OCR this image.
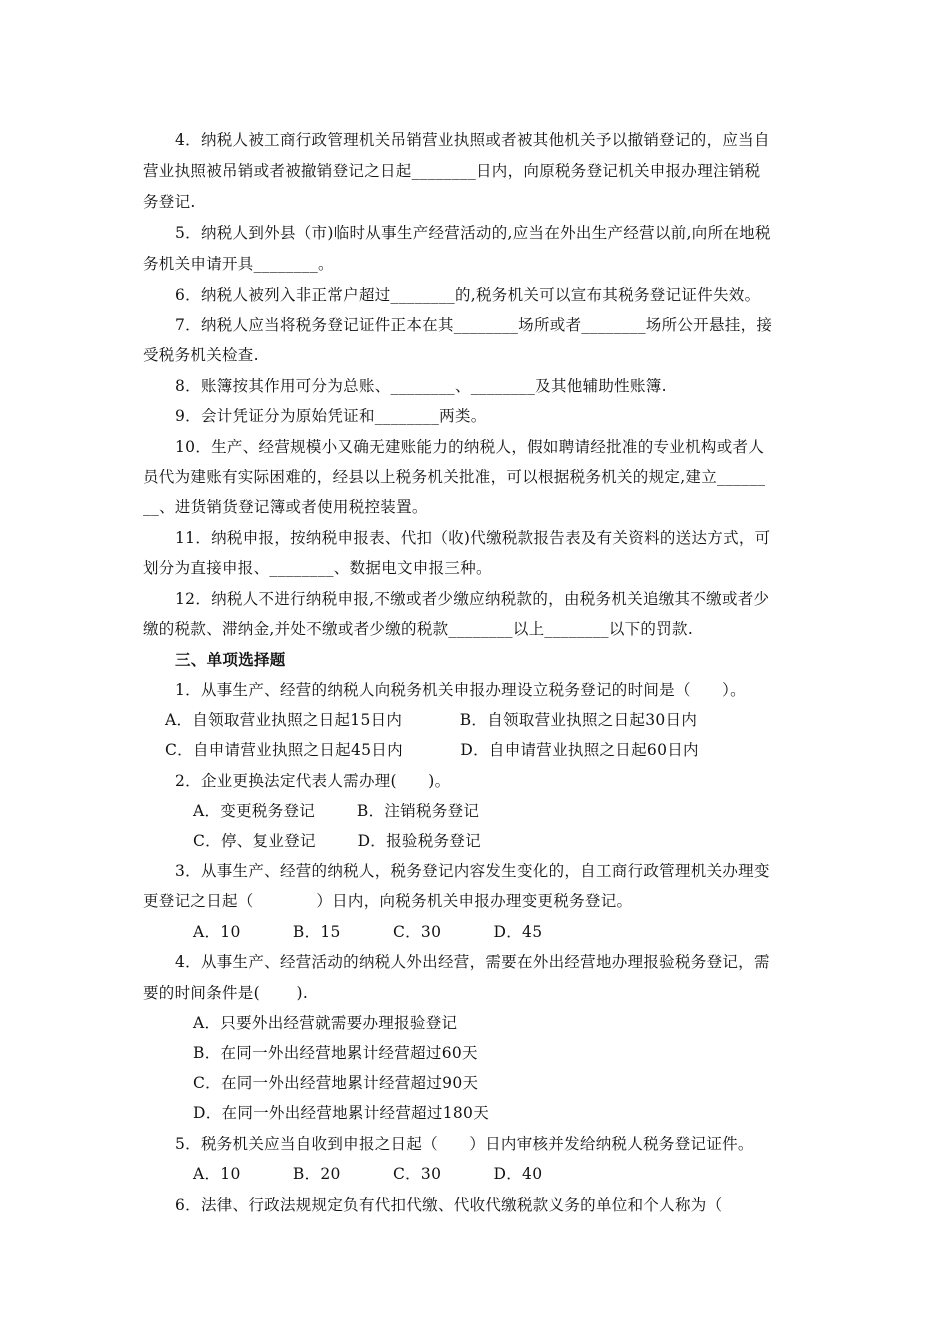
4．纳税人被工商行政管理机关吊销营业执照或者被其他机关予以撤销登记的，应当自
营业执照被吊销或者被撤销登记之日起________日内，向原税务登记机关申报办理注销税
务登记.
5．纳税人到外县（市)临时从事生产经营活动的,应当在外出生产经营以前,向所在地税
务机关申请开具________。
6．纳税人被列入非正常户超过________的,税务机关可以宣布其税务登记证件失效。
7．纳税人应当将税务登记证件正本在其________场所或者________场所公开悬挂，接
受税务机关检查.
8．账簿按其作用可分为总账、________、________及其他辅助性账簿.
9．会计凭证分为原始凭证和________两类。
10．生产、经营规模小又确无建账能力的纳税人，假如聘请经批准的专业机构或者人
员代为建账有实际困难的，经县以上税务机关批准，可以根据税务机关的规定,建立______
__、进货销货登记簿或者使用税控装置。
11．纳税申报，按纳税申报表、代扣（收)代缴税款报告表及有关资料的送达方式，可
划分为直接申报、________、数据电文申报三种。
12．纳税人不进行纳税申报,不缴或者少缴应纳税款的，由税务机关追缴其不缴或者少
缴的税款、滞纳金,并处不缴或者少缴的税款________以上________以下的罚款.
三、单项选择题
1．从事生产、经营的纳税人向税务机关申报办理设立税务登记的时间是（      ）。
A．自领取营业执照之日起15日内           B．自领取营业执照之日起30日内
C．自申请营业执照之日起45日内           D．自申请营业执照之日起60日内
2．企业更换法定代表人需办理(      )。
A．变更税务登记        B．注销税务登记
C．停、复业登记        D．报验税务登记
3．从事生产、经营的纳税人，税务登记内容发生变化的，自工商行政管理机关办理变
更登记之日起（            ）日内，向税务机关申报办理变更税务登记。
A．10          B．15          C．30          D．45
4．从事生产、经营活动的纳税人外出经营，需要在外出经营地办理报验税务登记，需
要的时间条件是(       ).
A．只要外出经营就需要办理报验登记
B．在同一外出经营地累计经营超过60天
C．在同一外出经营地累计经营超过90天
D．在同一外出经营地累计经营超过180天
5．税务机关应当自收到申报之日起（      ）日内审核并发给纳税人税务登记证件。
A．10          B．20          C．30          D．40
6．法律、行政法规规定负有代扣代缴、代收代缴税款义务的单位和个人称为（
